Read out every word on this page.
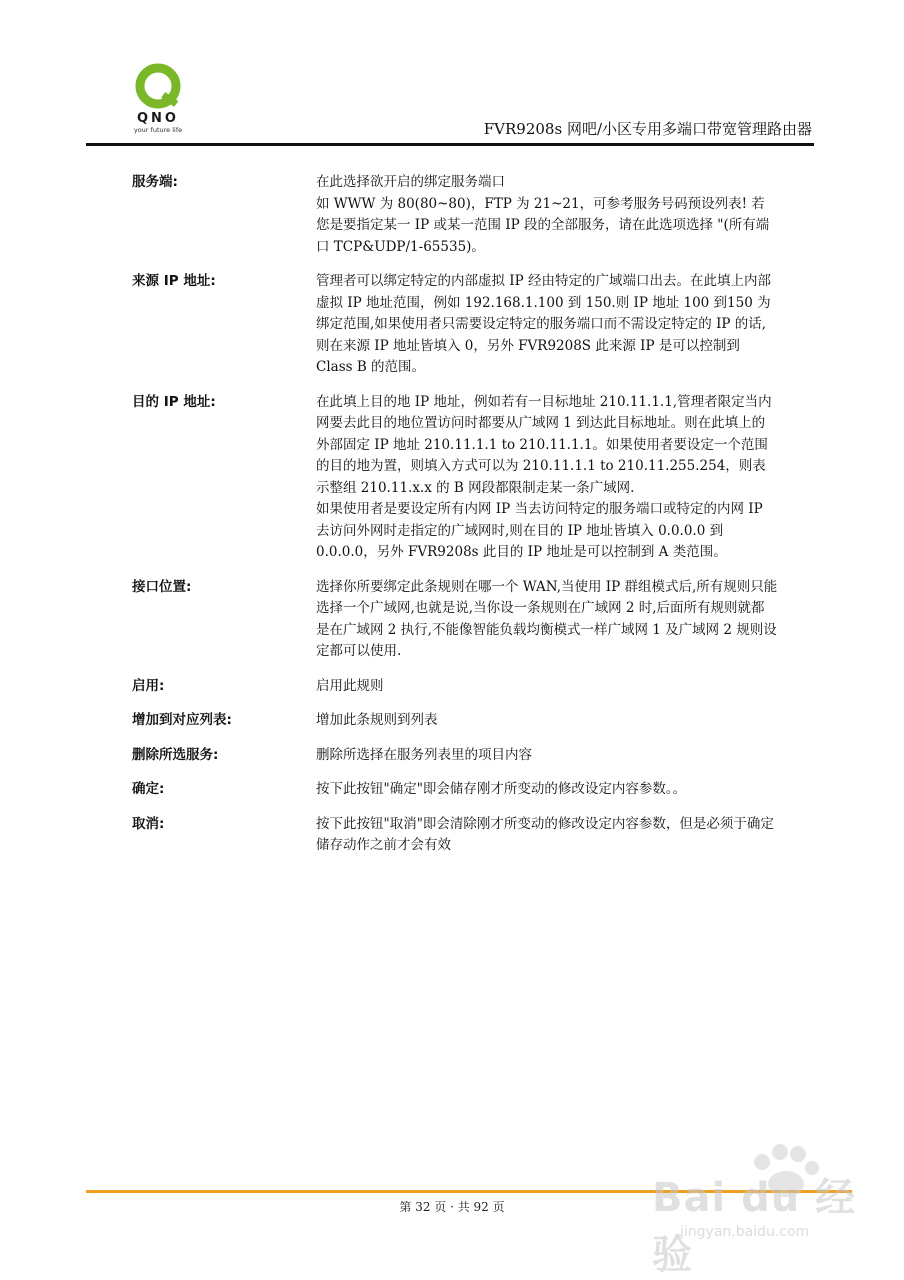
QNO
your future life	FVR9208s 网吧/小区专用多端口带宽管理路由器
服务端:	在此选择欲开启的绑定服务端口

如 WWW 为 80(80~80)，FTP 为 21~21，可参考服务号码预设列表! 若您是要指定某一 IP 或某一范围 IP 段的全部服务，请在此选项选择 "(所有端口 TCP&UDP/1-65535)。

来源 IP 地址:	管理者可以绑定特定的内部虚拟 IP 经由特定的广域端口出去。在此填上内部虚拟 IP 地址范围，例如 192.168.1.100 到 150.则 IP 地址 100 到150 为绑定范围,如果使用者只需要设定特定的服务端口而不需设定特定的 IP 的话,则在来源 IP 地址皆填入 0，另外 FVR9208S 此来源 IP 是可以控制到 Class B 的范围。

目的 IP 地址:	在此填上目的地 IP 地址，例如若有一目标地址 210.11.1.1,管理者限定当内网要去此目的地位置访问时都要从广域网 1 到达此目标地址。则在此填上的外部固定 IP 地址 210.11.1.1 to 210.11.1.1。如果使用者要设定一个范围的目的地为置，则填入方式可以为 210.11.1.1 to 210.11.255.254，则表示整组 210.11.x.x 的 B 网段都限制走某一条广域网.

如果使用者是要设定所有内网 IP 当去访问特定的服务端口或特定的内网 IP 去访问外网时走指定的广域网时,则在目的 IP 地址皆填入 0.0.0.0 到 0.0.0.0，另外 FVR9208s 此目的 IP 地址是可以控制到 A 类范围。

接口位置:	选择你所要绑定此条规则在哪一个 WAN,当使用 IP 群组模式后,所有规则只能选择一个广域网,也就是说,当你设一条规则在广域网 2 时,后面所有规则就都是在广域网 2 执行,不能像智能负载均衡模式一样广域网 1 及广域网 2 规则设定都可以使用.

启用:	启用此规则

增加到对应列表:	增加此条规则到列表

删除所选服务:	删除所选择在服务列表里的项目内容

确定:	按下此按钮"确定"即会储存刚才所变动的修改设定内容参数。。

取消:	按下此按钮"取消"即会清除刚才所变动的修改设定内容参数，但是必须于确定 储存动作之前才会有效

第 32 页 · 共 92 页	Bai du 经验
jingyan.baidu.com
